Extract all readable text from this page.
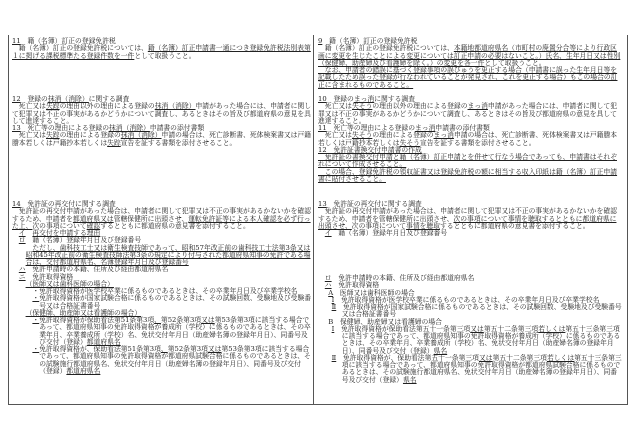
11　籍（名簿）訂正の登録免許税
　籍（名簿）訂正の登録免許税については、籍（名簿）訂正申請書一通につき登録免許税法別表第１に掲げる課税標準たる登録件数を一件として取扱うこと。
12　登録の抹消（消除）に関する調査
　死亡又は失踪の理由以外の理由による登録の抹消（消除）申請があった場合には、申請者に関して犯罪又は不正の事実があるかどうかについて調査し、あるときはその旨及び都道府県の意見を具して進達すること。
13　死亡等の理由による登録の抹消（消除）申請書の添付書類
　死亡又は失踪の理由による登録の抹消（消除）申請の場合は、死亡診断書、死体検案書又は戸籍謄本若しくは戸籍抄本若しくは失踪宣告を証する書類を添付させること。
14　免許証の再交付に関する調査
　免許証の再交付申請があった場合は、申請者に関して犯罪又は不正の事実があるかないかを確認するため、申請者を都道府県又は管轄保健所に出頭させ、運転免許証等による本人確認を必ず行った上、次の事項について確認するとともに都道府県の意見書を添付すること。
イ　 再交付を申請する理由
ロ　籍（名簿）登録年月日及び登録番号
ただし、歯科技工士又は衛生検査技師であって、昭和57年改正前の歯科技工士法第3条又は昭和45年改正前の衛生検査技師法第3条の規定により付与された都道府県知事の免許である場合は、交付都道府県名、名簿登録年月日及び登録番号
ハ　免許申請時の本籍、住所及び経由都道府県名
ニ　免許取得資格
（医師又は歯科医師の場合）
・免許取得資格が医学校卒業に係るものであるときは、その卒業年月日及び卒業学校名
・免許取得資格が国家試験合格に係るものであるときは、その試験回数、受験地及び受験番号又は合格証書番号
（保健師、助産師又は看護師の場合）
・免許取得資格が保助看法第51条第3項、第52条第3項又は第53条第3項に該当する場合であって、都道府県知事の免許取得資格が養成所（学校）に係るものであるときは、その卒業年月、卒業養成所（学校）名、免状交付年月日（助産婦名簿の登録年月日）、同番号及び交付（登録）都道府県名
・免許取得資格が、保助看法第51条第3項、第52条第3項又は第53条第3項に該当する場合であって、都道府県知事の免許取得資格が都道府県試験合格に係るものであるときは、その試験施行都道府県名、免状交付年月日（助産婦名簿の登録年月日）、同番号及び交付（登録）都道府県名
9　籍（名簿）訂正の登録免許税
　籍（名簿）訂正の登録免許税については、本籍地都道府県名（市町村の廃置分合等により行政区画に変更を生じたことによる変更については訂正申請の必要はないこと。）氏名、生年月日又は性別（保健婦、助産婦及び看護婦を除く。）の変更を各一件として取扱うこと。
　なお、申請者の錯誤に基づく登録事項の誤びゅうを更正する場合（申請書に誤った生年月日等を記載したため誤った登録が行なわれていることが発見され、これを更正する場合）もこの場合の訂正に含まれるものであること。
10　登録のまっ消に関する調査
　死亡又は失そうの理由以外の理由による登録のまっ消申請があった場合には、申請者に関して犯罪又は不正の事実があるかどうかについて調査し、あるときはその旨及び都道府県の意見を具して進達すること。
11　死亡等の理由による登録のまっ消申請書の添付書類
　死亡又は失そうの理由による登録のまっ消申請の場合は、死亡診断書、死体検案書又は戸籍謄本若しくは戸籍抄本若しくは失そう宣告を証する書類を添付させること。
12　免許証書換交付申請書の作成
　免許証の書換交付申請と籍（名簿）訂正申請とを併せて行なう場合であっても、申請書はそれぞれについて作成させること。
　この場合、登録免許税の領収証書又は登録免許税の額に相当する収入印紙は籍（名簿）訂正申請書に貼付させること。
13　免許証の再交付に関する調査
　免許証の再交付申請があった場合は、申請者に関して犯罪又は不正の事実があるかないかを確認するため、申請者を管轄保健所に出頭させ、次の事項について事情を聴取するとともに都道府県に出頭させ、次の事項について事情を聴取するとともに都道府県の意見書を添付すること。
イ　籍（名簿）登録年月日及び登録番号
ロ　免許申請時の本籍、住所及び経由都道府県名
ハ　免許取得資格
A　医師又は歯科医師の場合
Ⅰ　免許取得資格が医学校卒業に係るものであるときは、その卒業年月日及び卒業学校名
Ⅱ　免許取得資格が国家試験合格に係るものであるときは、その試験回数、受験地及び受験番号又は合格証書番号
B　保健婦、助産婦又は看護婦の場合
Ⅰ　免許取得資格が保助看法第五十一条第三項又は第五十二条第三項若しくは第五十三条第三項に該当する場合であって、都道府県知事の免許取得資格が養成所（学校）に係るものであるときは、その卒業年月、卒業養成所（学校）名、免状交付年月日（助産婦名簿の登録年月日）、同番号及び交付（登録）県名
Ⅱ　免許取得資格が、保助看法第五十一条第三項又は第五十二条第三項若しくは第五十三条第三項に該当する場合であって、都道府県知事の免許取得資格が都道府県試験合格に係るものであるときは、その試験施行都道府県名、免状交付年月日（助産婦名簿の登録年月日）、同番号及び交付（登録）県名
